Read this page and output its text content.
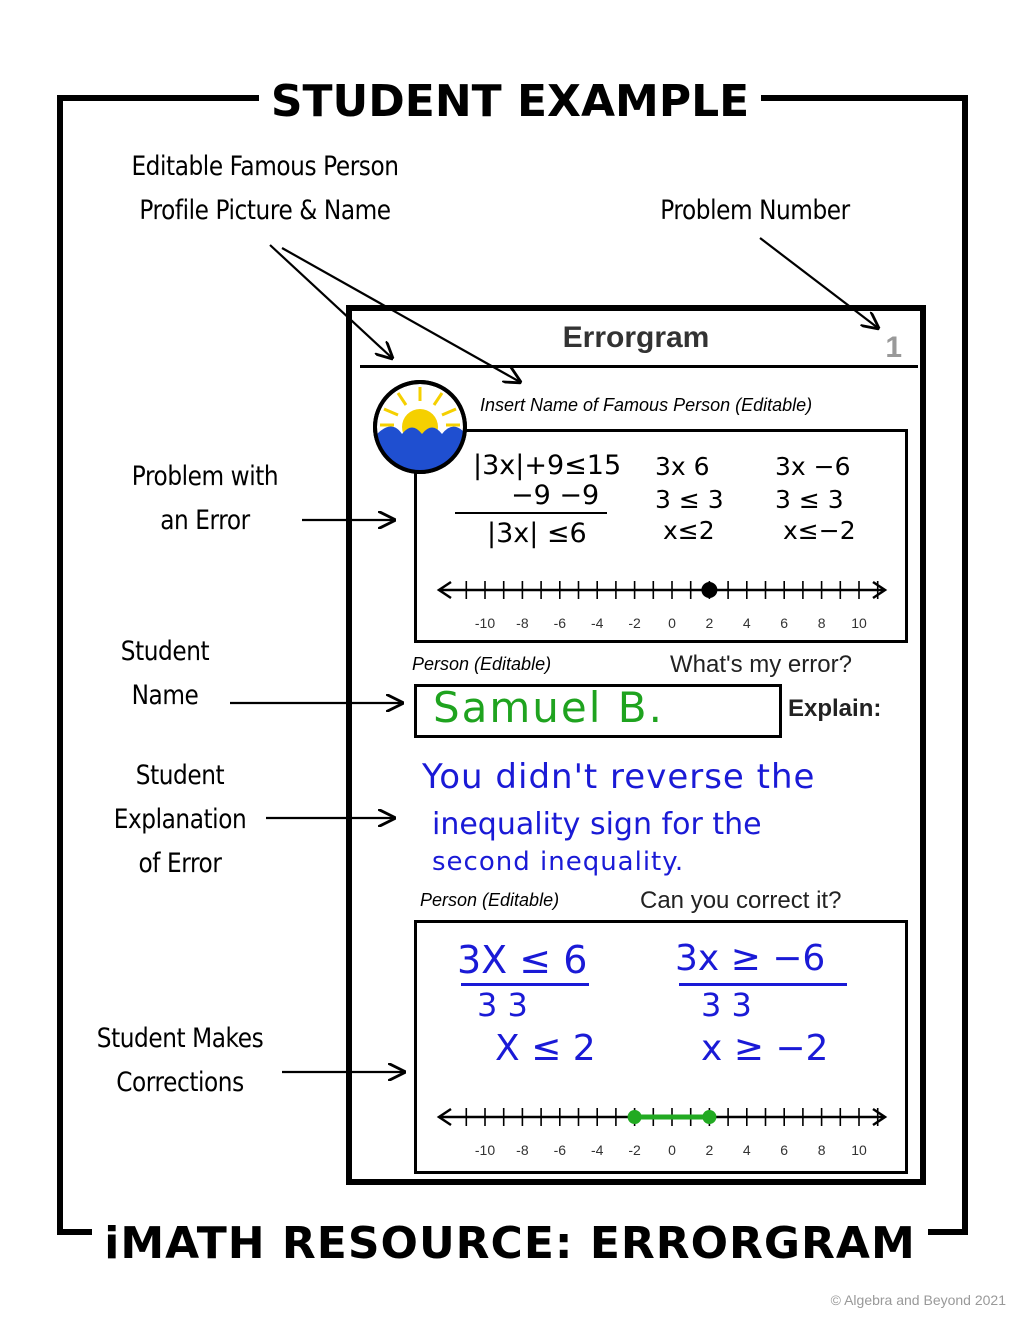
STUDENT EXAMPLE
iMATH RESOURCE: ERRORGRAM
© Algebra and Beyond 2021
Editable Famous Person
Profile Picture & Name	Problem Number
Problem with
an Error
Student
Name
Student
Explanation
of Error
Student Makes
Corrections
Errorgram	1
Insert Name of Famous Person (Editable)
|3x|+9≤15
−9 −9
|3x| ≤6
3x 6
3 ≤ 3
x≤2
3x −6
3 ≤ 3
x≤−2
-10 -8 -6 -4 -2 0 2 4 6 8 10
Person (Editable)	What's my error?
Samuel B.	Explain:
You didn't reverse the
inequality sign for the
second inequality.
Person (Editable)	Can you correct it?
3X ≤ 6
3 3
X ≤ 2
3x ≥ −6
3 3
x ≥ −2
-10 -8 -6 -4 -2 0 2 4 6 8 10
